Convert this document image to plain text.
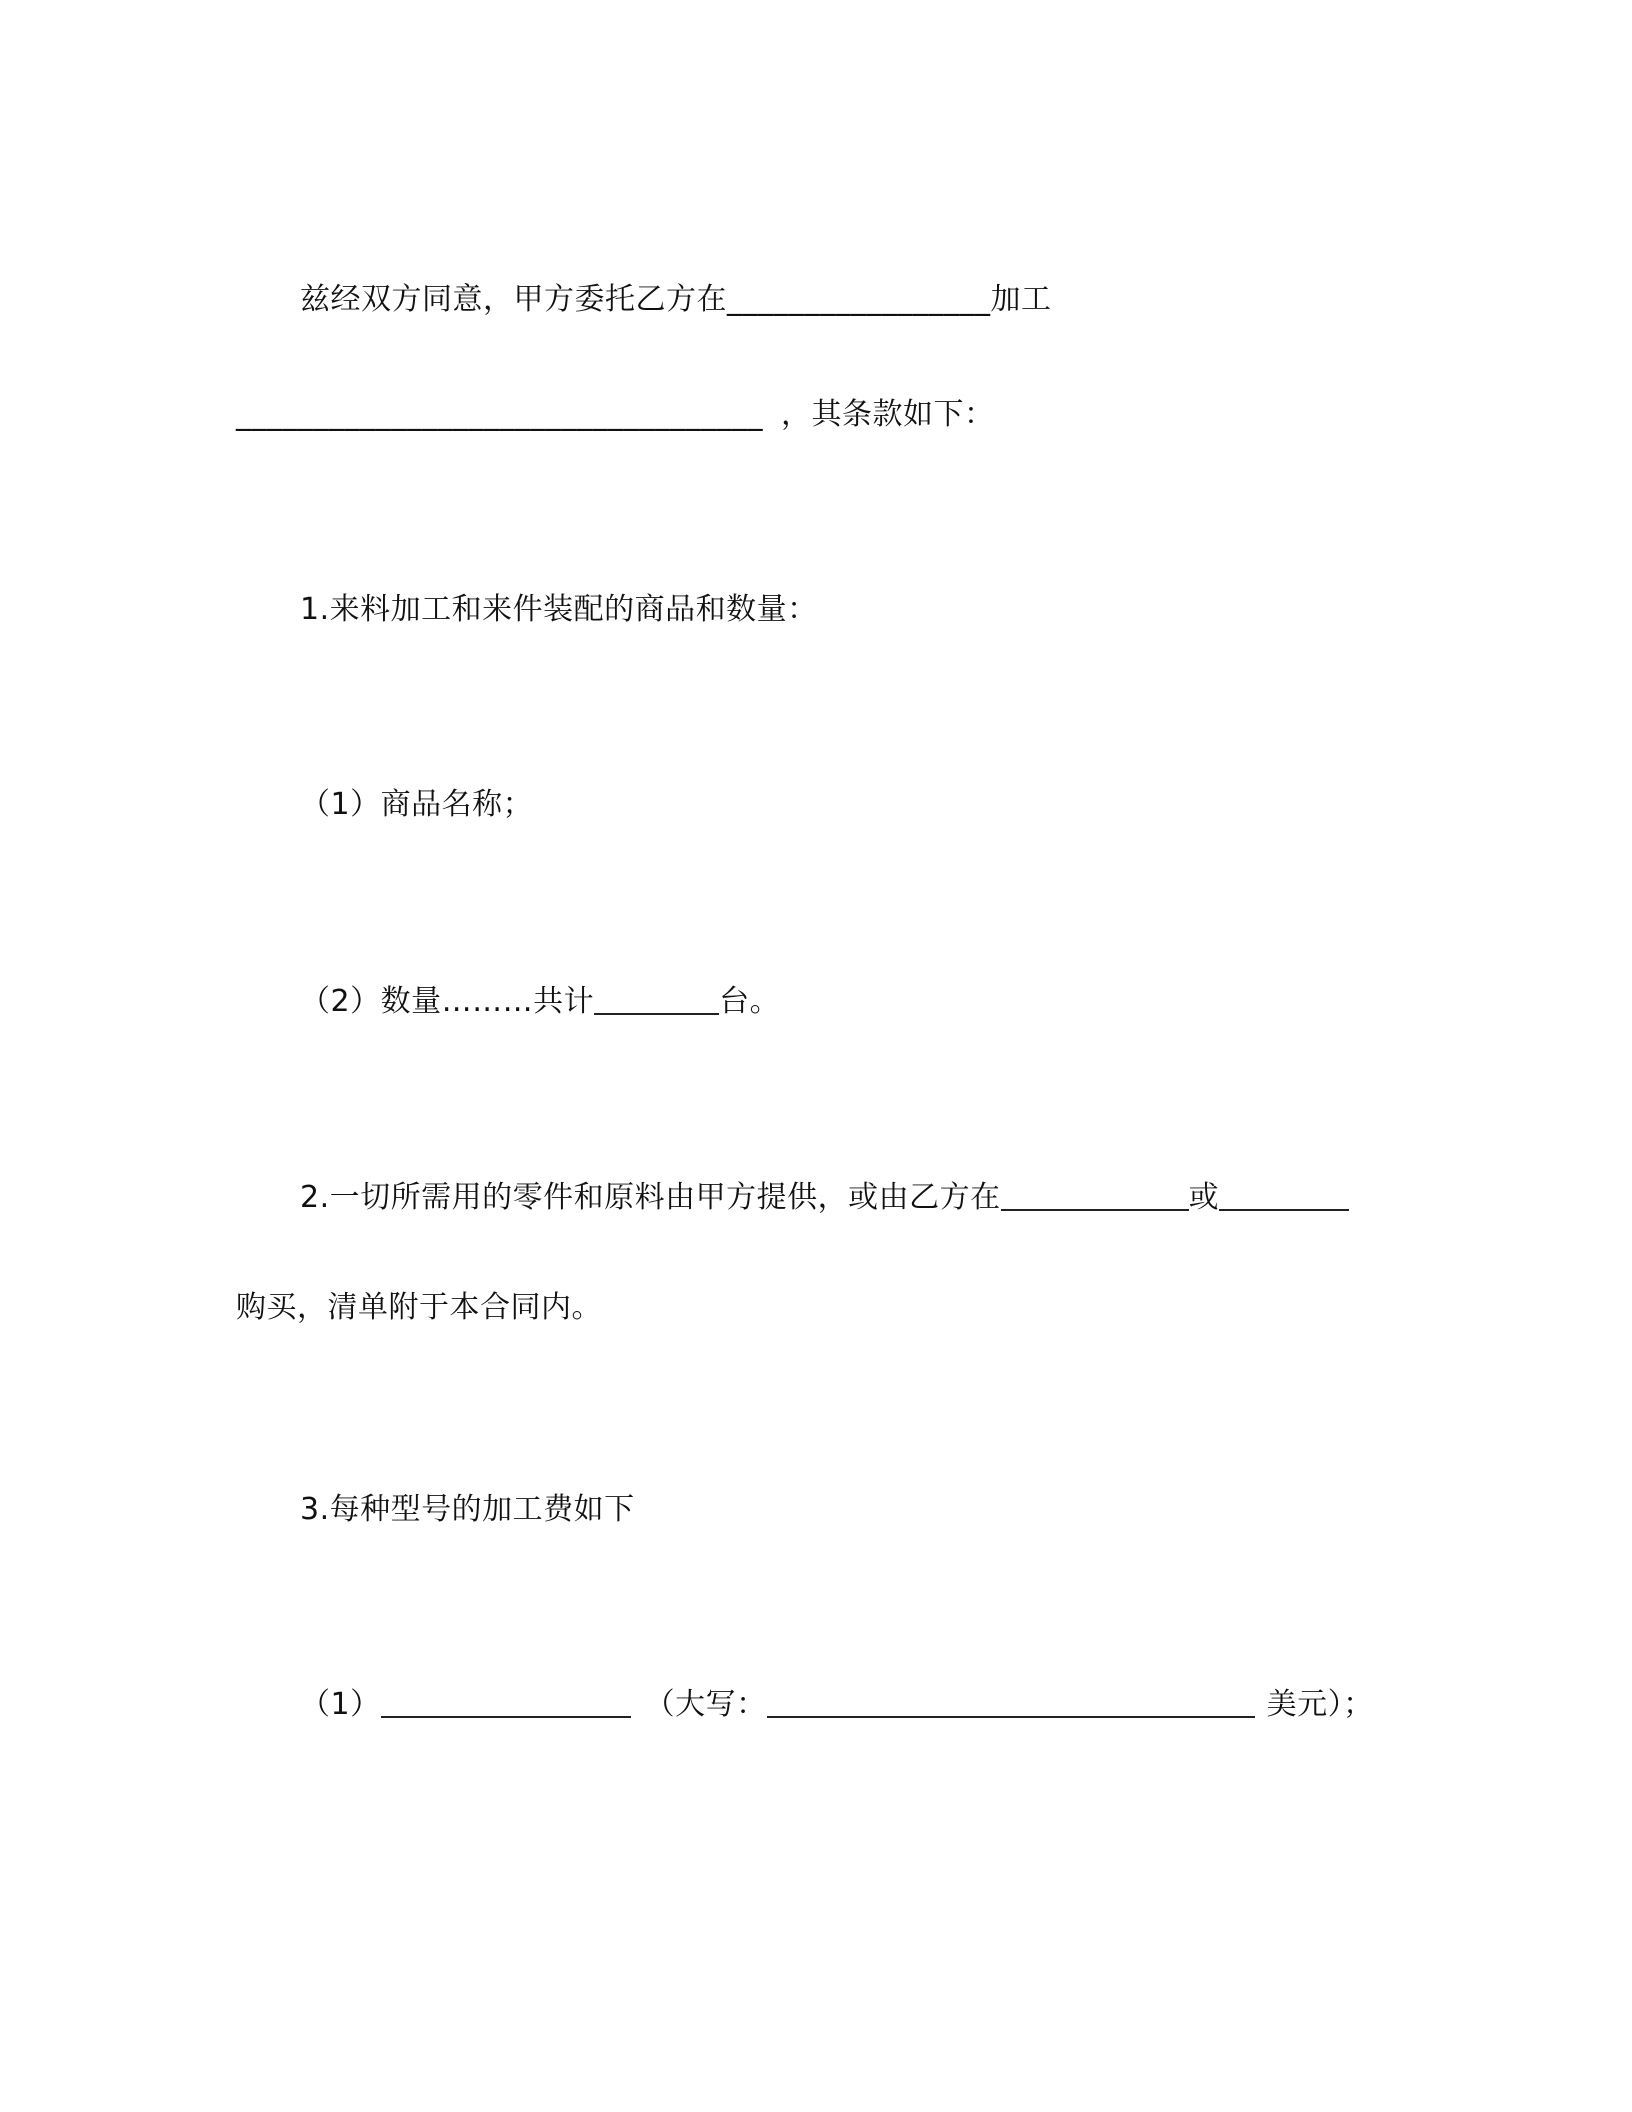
兹经双方同意，甲方委托乙方在_________________加工
__________________________________ ，其条款如下：
1.来料加工和来件装配的商品和数量：
（1）商品名称；
（2）数量………共计	台。
2.一切所需用的零件和原料由甲方提供，或由乙方在	或
购买，清单附于本合同内。
3.每种型号的加工费如下
（1）	（大写：	美元）；
